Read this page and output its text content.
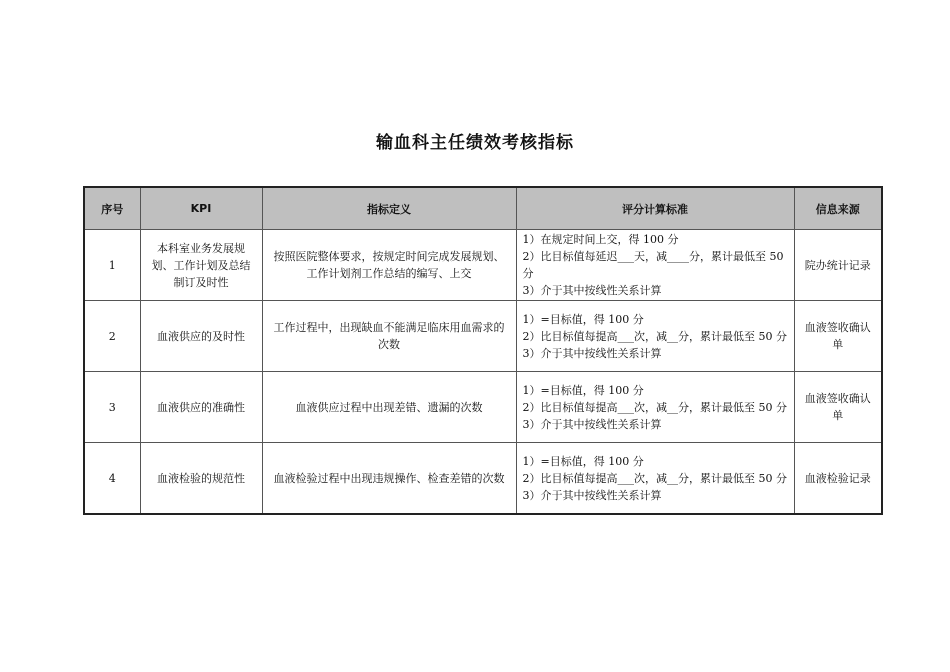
输血科主任绩效考核指标
序号	KPI	指标定义	评分计算标准	信息来源
1	本科室业务发展规划、工作计划及总结制订及时性	按照医院整体要求，按规定时间完成发展规划、工作计划剂工作总结的编写、上交	1）在规定时间上交，得 100 分
2）比目标值每延迟___天，减____分，累计最低至 50 分
3）介于其中按线性关系计算	院办统计记录
2	血液供应的及时性	工作过程中，出现缺血不能满足临床用血需求的次数	1）=目标值，得 100 分
2）比目标值每提高___次，减__分，累计最低至 50 分
3）介于其中按线性关系计算	血液签收确认单
3	血液供应的准确性	血液供应过程中出现差错、遗漏的次数	1）=目标值，得 100 分
2）比目标值每提高___次，减__分，累计最低至 50 分
3）介于其中按线性关系计算	血液签收确认单
4	血液检验的规范性	血液检验过程中出现违规操作、检查差错的次数	1）=目标值，得 100 分
2）比目标值每提高___次，减__分，累计最低至 50 分
3）介于其中按线性关系计算	血液检验记录
